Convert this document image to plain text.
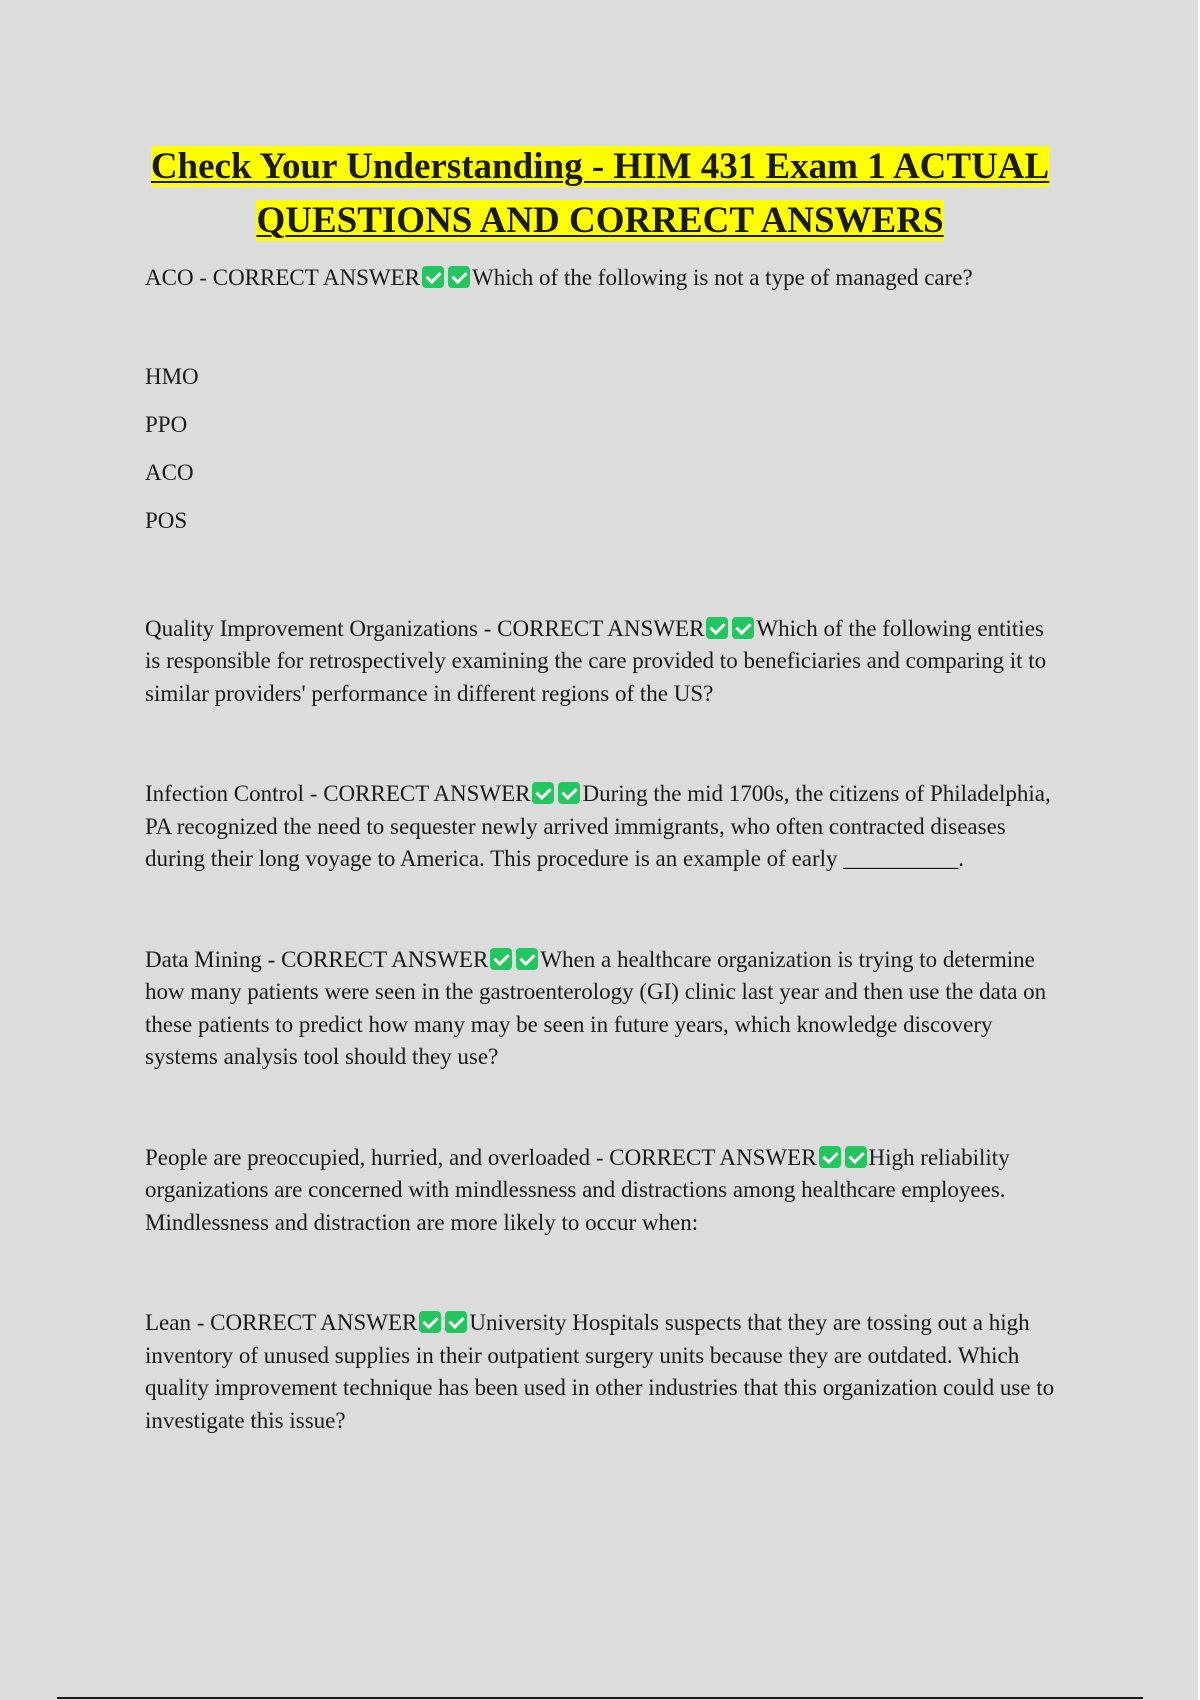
Check Your Understanding - HIM 431 Exam 1 ACTUAL QUESTIONS AND CORRECT ANSWERS

ACO - CORRECT ANSWER Which of the following is not a type of managed care?

HMO
PPO
ACO
POS

Quality Improvement Organizations - CORRECT ANSWER Which of the following entities is responsible for retrospectively examining the care provided to beneficiaries and comparing it to similar providers' performance in different regions of the US?

Infection Control - CORRECT ANSWER During the mid 1700s, the citizens of Philadelphia, PA recognized the need to sequester newly arrived immigrants, who often contracted diseases during their long voyage to America. This procedure is an example of early __________.

Data Mining - CORRECT ANSWER When a healthcare organization is trying to determine how many patients were seen in the gastroenterology (GI) clinic last year and then use the data on these patients to predict how many may be seen in future years, which knowledge discovery systems analysis tool should they use?

People are preoccupied, hurried, and overloaded - CORRECT ANSWER High reliability organizations are concerned with mindlessness and distractions among healthcare employees. Mindlessness and distraction are more likely to occur when:

Lean - CORRECT ANSWER University Hospitals suspects that they are tossing out a high inventory of unused supplies in their outpatient surgery units because they are outdated. Which quality improvement technique has been used in other industries that this organization could use to investigate this issue?
